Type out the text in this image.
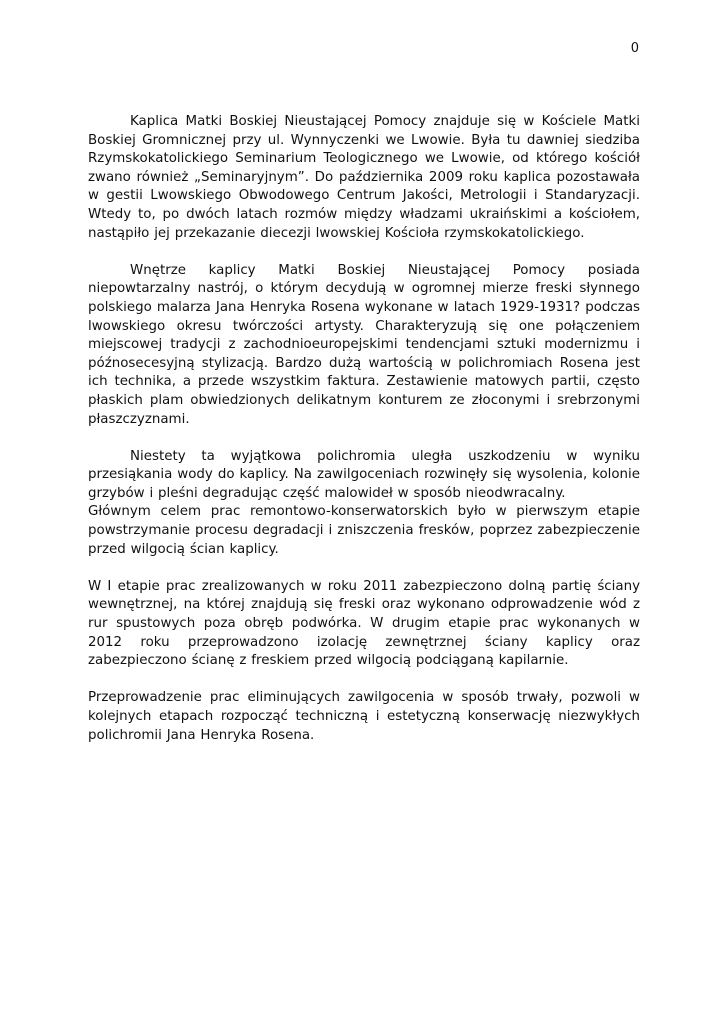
0

Kaplica Matki Boskiej Nieustającej Pomocy znajduje się w Kościele Matki Boskiej Gromnicznej przy ul. Wynnyczenki we Lwowie. Była tu dawniej siedziba Rzymskokatolickiego Seminarium Teologicznego we Lwowie, od którego kościół zwano również „Seminaryjnym”. Do października 2009 roku kaplica pozostawała w gestii Lwowskiego Obwodowego Centrum Jakości, Metrologii i Standaryzacji. Wtedy to, po dwóch latach rozmów między władzami ukraińskimi a kościołem, nastąpiło jej przekazanie diecezji lwowskiej Kościoła rzymskokatolickiego.

Wnętrze kaplicy Matki Boskiej Nieustającej Pomocy posiada niepowtarzalny nastrój, o którym decydują w ogromnej mierze freski słynnego polskiego malarza Jana Henryka Rosena wykonane w latach 1929-1931? podczas lwowskiego okresu twórczości artysty. Charakteryzują się one połączeniem miejscowej tradycji z zachodnioeuropejskimi tendencjami sztuki modernizmu i późnosecesyjną stylizacją. Bardzo dużą wartością w polichromiach Rosena jest ich technika, a przede wszystkim faktura. Zestawienie matowych partii, często płaskich plam obwiedzionych delikatnym konturem ze złoconymi i srebrzonymi płaszczyznami.

Niestety ta wyjątkowa polichromia uległa uszkodzeniu w wyniku przesiąkania wody do kaplicy. Na zawilgoceniach rozwinęły się wysolenia, kolonie grzybów i pleśni degradując część malowideł w sposób nieodwracalny.

Głównym celem prac remontowo-konserwatorskich było w pierwszym etapie powstrzymanie procesu degradacji i zniszczenia fresków, poprzez zabezpieczenie przed wilgocią ścian kaplicy.

W I etapie prac zrealizowanych w roku 2011 zabezpieczono dolną partię ściany wewnętrznej, na której znajdują się freski oraz wykonano odprowadzenie wód z rur spustowych poza obręb podwórka. W drugim etapie prac wykonanych w 2012 roku przeprowadzono izolację zewnętrznej ściany kaplicy oraz zabezpieczono ścianę z freskiem przed wilgocią podciąganą kapilarnie.

Przeprowadzenie prac eliminujących zawilgocenia w sposób trwały, pozwoli w kolejnych etapach rozpocząć techniczną i estetyczną konserwację niezwykłych polichromii Jana Henryka Rosena.
